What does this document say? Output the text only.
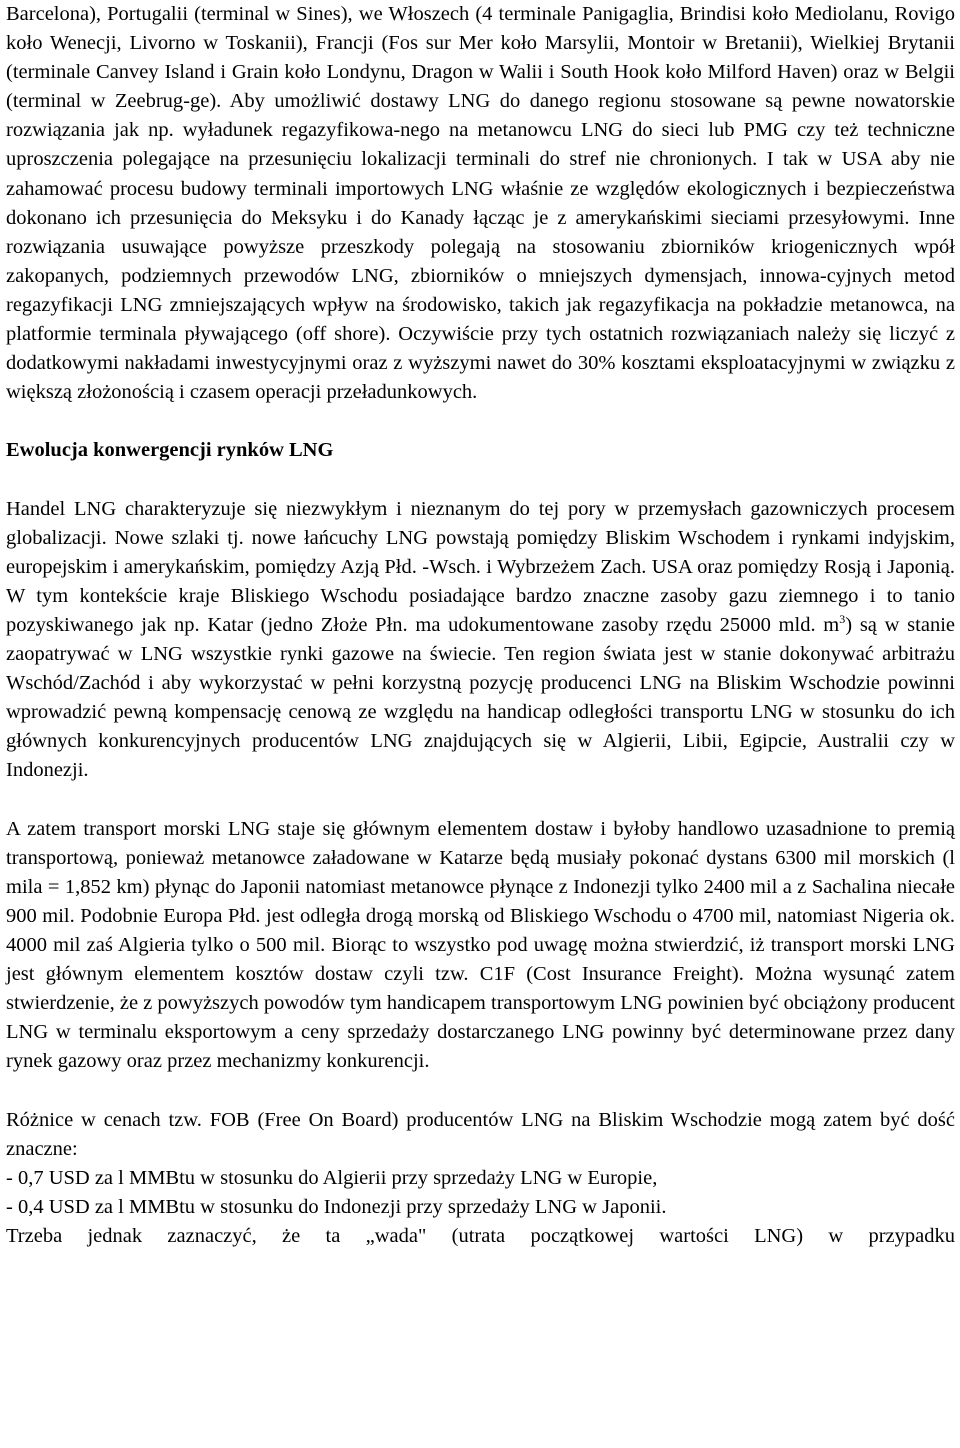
Barcelona), Portugalii (terminal w Sines), we Włoszech (4 terminale Panigaglia, Brindisi koło Mediolanu, Rovigo koło Wenecji, Livorno w Toskanii), Francji (Fos sur Mer koło Marsylii, Montoir w Bretanii), Wielkiej Brytanii (terminale Canvey Island i Grain koło Londynu, Dragon w Walii i South Hook koło Milford Haven) oraz w Belgii (terminal w Zeebrug-ge). Aby umożliwić dostawy LNG do danego regionu stosowane są pewne nowatorskie rozwiązania jak np. wyładunek regazyfikowa-nego na metanowcu LNG do sieci lub PMG czy też techniczne uproszczenia polegające na przesunięciu lokalizacji terminali do stref nie chronionych. I tak w USA aby nie zahamować procesu budowy terminali importowych LNG właśnie ze względów ekologicznych i bezpieczeństwa dokonano ich przesunięcia do Meksyku i do Kanady łącząc je z amerykańskimi sieciami przesyłowymi. Inne rozwiązania usuwające powyższe przeszkody polegają na stosowaniu zbiorników kriogenicznych wpół zakopanych, podziemnych przewodów LNG, zbiorników o mniejszych dymensjach, innowa-cyjnych metod regazyfikacji LNG zmniejszających wpływ na środowisko, takich jak regazyfikacja na pokładzie metanowca, na platformie terminala pływającego (off shore). Oczywiście przy tych ostatnich rozwiązaniach należy się liczyć z dodatkowymi nakładami inwestycyjnymi oraz z wyższymi nawet do 30% kosztami eksploatacyjnymi w związku z większą złożonością i czasem operacji przeładunkowych.

Ewolucja konwergencji rynków LNG

Handel LNG charakteryzuje się niezwykłym i nieznanym do tej pory w przemysłach gazowniczych procesem globalizacji. Nowe szlaki tj. nowe łańcuchy LNG powstają pomiędzy Bliskim Wschodem i rynkami indyjskim, europejskim i amerykańskim, pomiędzy Azją Płd. -Wsch. i Wybrzeżem Zach. USA oraz pomiędzy Rosją i Japonią. W tym kontekście kraje Bliskiego Wschodu posiadające bardzo znaczne zasoby gazu ziemnego i to tanio pozyskiwanego jak np. Katar (jedno Złoże Płn. ma udokumentowane zasoby rzędu 25000 mld. $m^3$) są w stanie zaopatrywać w LNG wszystkie rynki gazowe na świecie. Ten region świata jest w stanie dokonywać arbitrażu Wschód/Zachód i aby wykorzystać w pełni korzystną pozycję producenci LNG na Bliskim Wschodzie powinni wprowadzić pewną kompensację cenową ze względu na handicap odległości transportu LNG w stosunku do ich głównych konkurencyjnych producentów LNG znajdujących się w Algierii, Libii, Egipcie, Australii czy w Indonezji.

A zatem transport morski LNG staje się głównym elementem dostaw i byłoby handlowo uzasadnione to premią transportową, ponieważ metanowce załadowane w Katarze będą musiały pokonać dystans 6300 mil morskich (l mila = 1,852 km) płynąc do Japonii natomiast metanowce płynące z Indonezji tylko 2400 mil a z Sachalina niecałe 900 mil. Podobnie Europa Płd. jest odległa drogą morską od Bliskiego Wschodu o 4700 mil, natomiast Nigeria ok. 4000 mil zaś Algieria tylko o 500 mil. Biorąc to wszystko pod uwagę można stwierdzić, iż transport morski LNG jest głównym elementem kosztów dostaw czyli tzw. C1F (Cost Insurance Freight). Można wysunąć zatem stwierdzenie, że z powyższych powodów tym handicapem transportowym LNG powinien być obciążony producent LNG w terminalu eksportowym a ceny sprzedaży dostarczanego LNG powinny być determinowane przez dany rynek gazowy oraz przez mechanizmy konkurencji.

Różnice w cenach tzw. FOB (Free On Board) producentów LNG na Bliskim Wschodzie mogą zatem być dość znaczne:

- 0,7 USD za l MMBtu w stosunku do Algierii przy sprzedaży LNG w Europie,
- 0,4 USD za l MMBtu w stosunku do Indonezji przy sprzedaży LNG w Japonii.

Trzeba jednak zaznaczyć, że ta „wada" (utrata początkowej wartości LNG) w przypadku
